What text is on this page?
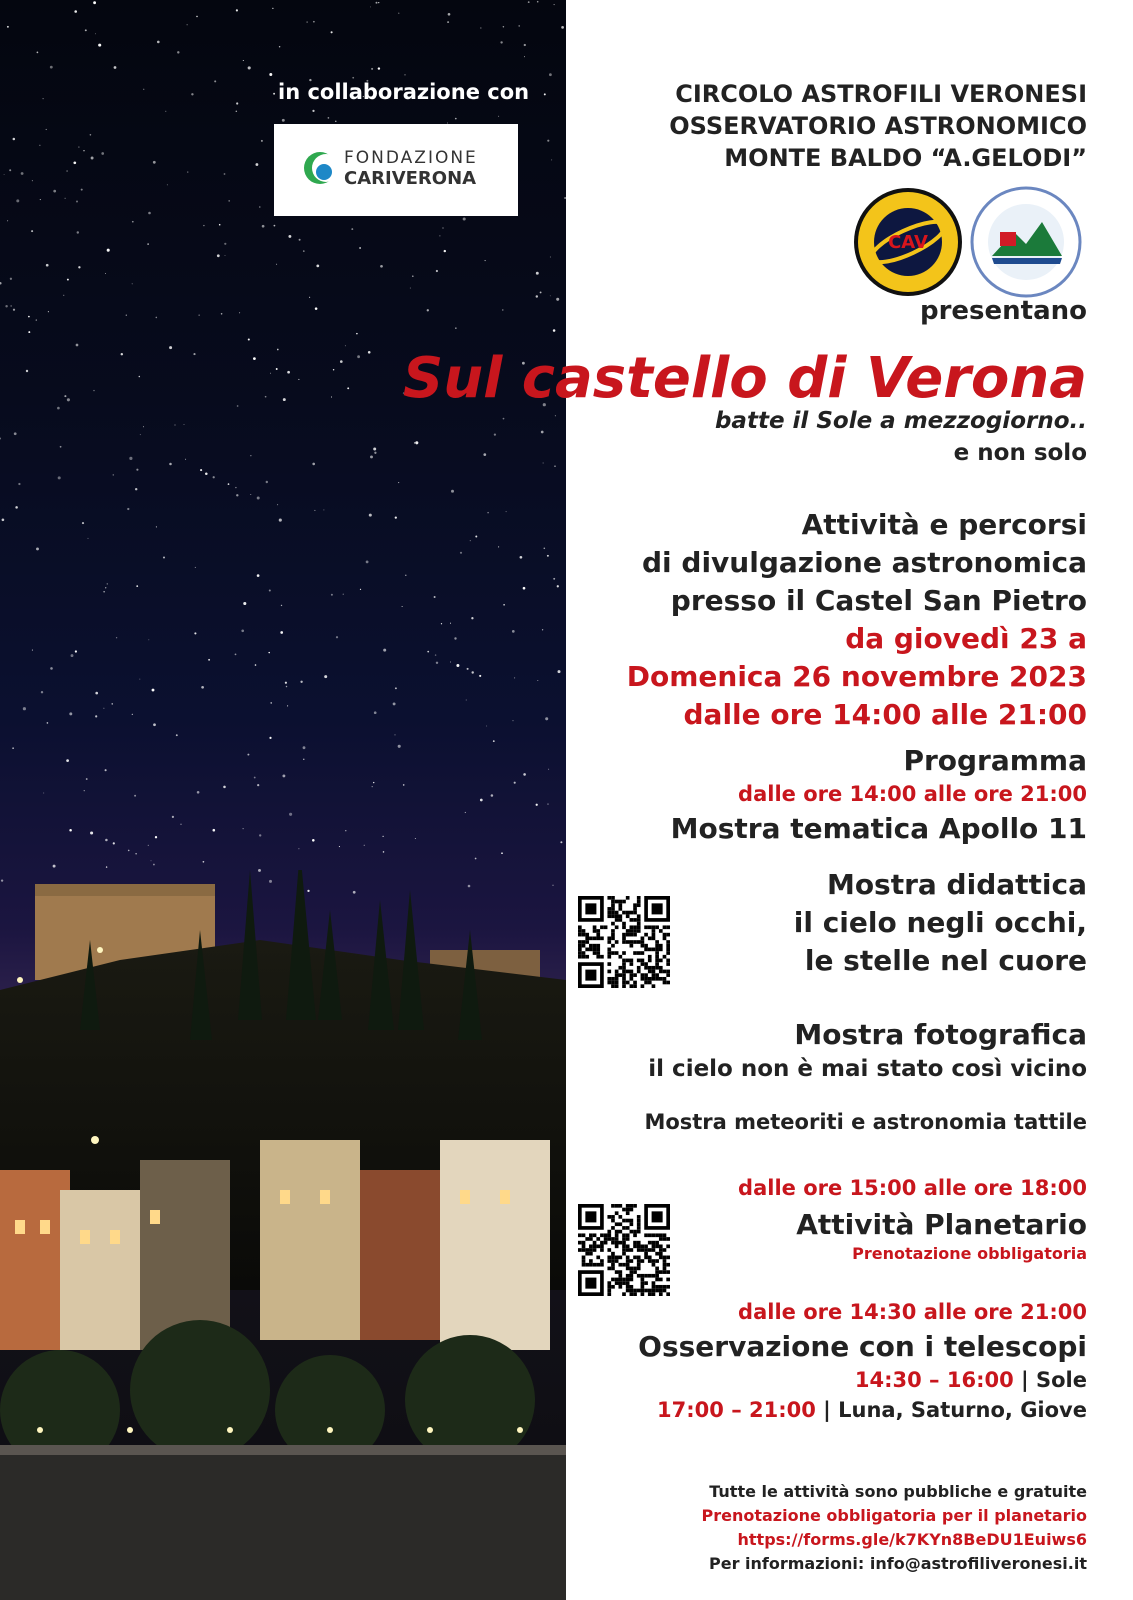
in collaborazione con
FONDAZIONE
CARIVERONA
CIRCOLO ASTROFILI VERONESI
OSSERVATORIO ASTRONOMICO
MONTE BALDO “A.GELODI”
CAV
presentano
Sul castello di Verona
batte il Sole a mezzogiorno..
e non solo
Attività e percorsi
di divulgazione astronomica
presso il Castel San Pietro
da giovedì 23 a
Domenica 26 novembre 2023
dalle ore 14:00 alle 21:00
Programma
dalle ore 14:00 alle ore 21:00
Mostra tematica Apollo 11
Mostra didattica
il cielo negli occhi,
le stelle nel cuore
Mostra fotografica
il cielo non è mai stato così vicino
Mostra meteoriti e astronomia tattile
dalle ore 15:00 alle ore 18:00
Attività Planetario
Prenotazione obbligatoria
dalle ore 14:30 alle ore 21:00
Osservazione con i telescopi
14:30 – 16:00 | Sole
17:00 – 21:00 | Luna, Saturno, Giove
Tutte le attività sono pubbliche e gratuite
Prenotazione obbligatoria per il planetario
https://forms.gle/k7KYn8BeDU1Euiws6
Per informazioni: info@astrofiliveronesi.it
